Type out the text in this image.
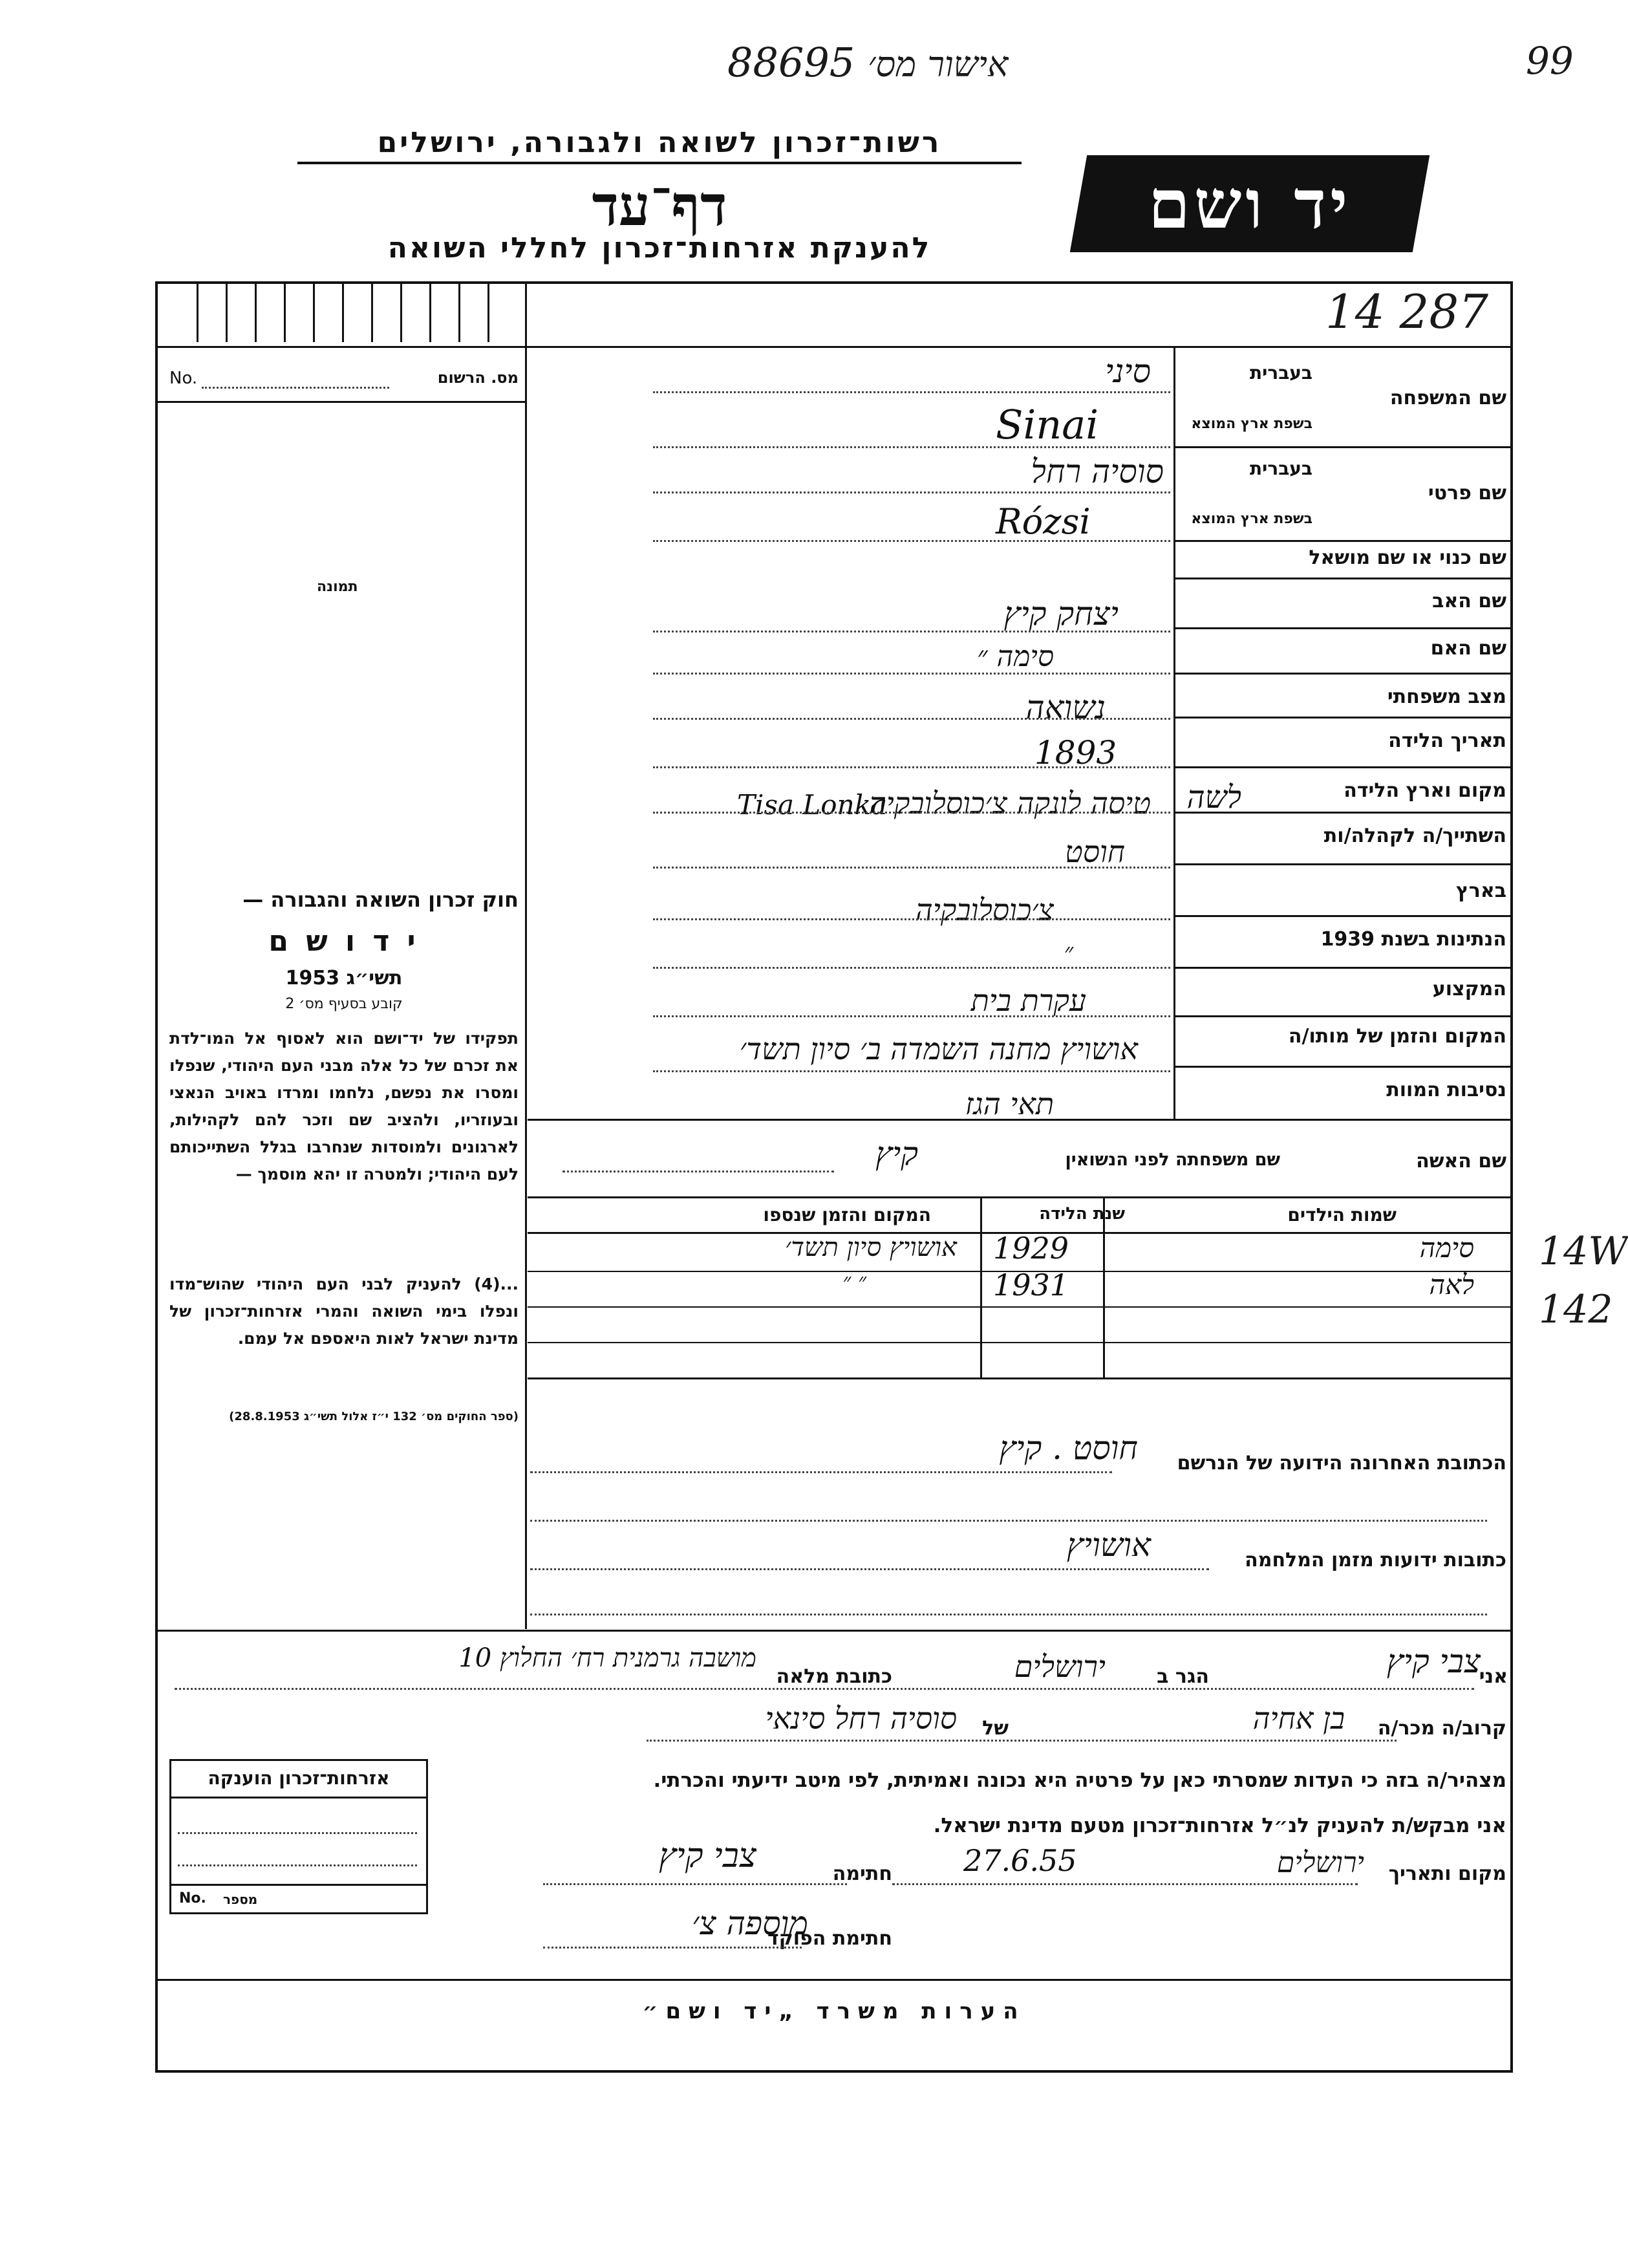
88695 אישור מס׳	99
רשות־זכרון לשואה ולגבורה, ירושלים
דף־עד
להענקת אזרחות־זכרון לחללי השואה
יד ושם
14 287
No.	מס. הרשום
תמונה
חוק זכרון השואה והגבורה —
י ד ו ש ם
תשי״ג 1953
קובע בסעיף מס׳ 2
תפקידו של יד־ושם הוא לאסוף אל המו־לדת את זכרם של כל אלה מבני העם היהודי, שנפלו ומסרו את נפשם, נלחמו ומרדו באויב הנאצי ובעוזריו, ולהציב שם וזכר להם לקהילות, לארגונים ולמוסדות שנחרבו בגלל השתייכותם לעם היהודי; ולמטרה זו יהא מוסמך —
...(4) להעניק לבני העם היהודי שהוש־מדו ונפלו בימי השואה והמרי אזרחות־זכרון של מדינת ישראל לאות היאספם אל עמם.
(ספר החוקים מס׳ 132 י״ז אלול תשי״ג 28.8.1953)
שם המשפחה
בעברית
בשפת ארץ המוצא
סיני
Sinai
שם פרטי
בעברית
בשפת ארץ המוצא
סוסיה רחל
Rózsi
שם כנוי או שם מושאל
שם האב
יצחק קיץ
שם האם
סימה ״
מצב משפחתי
נשואה
תאריך הלידה
1893
מקום וארץ הלידה
טיסה לונקה צ׳כוסלובקיה
Tisa Lonka
השתייך/ה לקהלה/ות
לשה
חוסט
בארץ
צ׳כוסלובקיה
הנתינות בשנת 1939
״
המקצוע
עקרת בית
המקום והזמן של מותו/ה
אושויץ מחנה השמדה ב׳ סיון תשד׳
נסיבות המוות
תאי הגז
שם האשה
שם משפחתה לפני הנשואין
קיץ
שמות הילדים
שנת הלידה
המקום והזמן שנספו
סימה
1929
אושויץ סיון תשד׳
לאה
1931
״ ״
הכתובת האחרונה הידועה של הנרשם
חוסט . קיץ
כתובות ידועות מזמן המלחמה
אושויץ
אני
צבי קיץ
הגר ב
ירושלים
כתובת מלאה
מושבה גרמנית רח׳ החלוץ 10
קרוב/ה מכר/ה
בן אחיה
של
סוסיה רחל סינאי
מצהיר/ה בזה כי העדות שמסרתי כאן על פרטיה היא נכונה ואמיתית, לפי מיטב ידיעתי והכרתי.
אני מבקש/ת להעניק לנ״ל אזרחות־זכרון מטעם מדינת ישראל.
מקום ותאריך
ירושלים
27.6.55
חתימה
צבי קיץ
חתימת הפוקד
מוספה צ׳
אזרחות־זכרון הוענקה
No. מספר
הערות משרד „יד ושם״
14W
142
